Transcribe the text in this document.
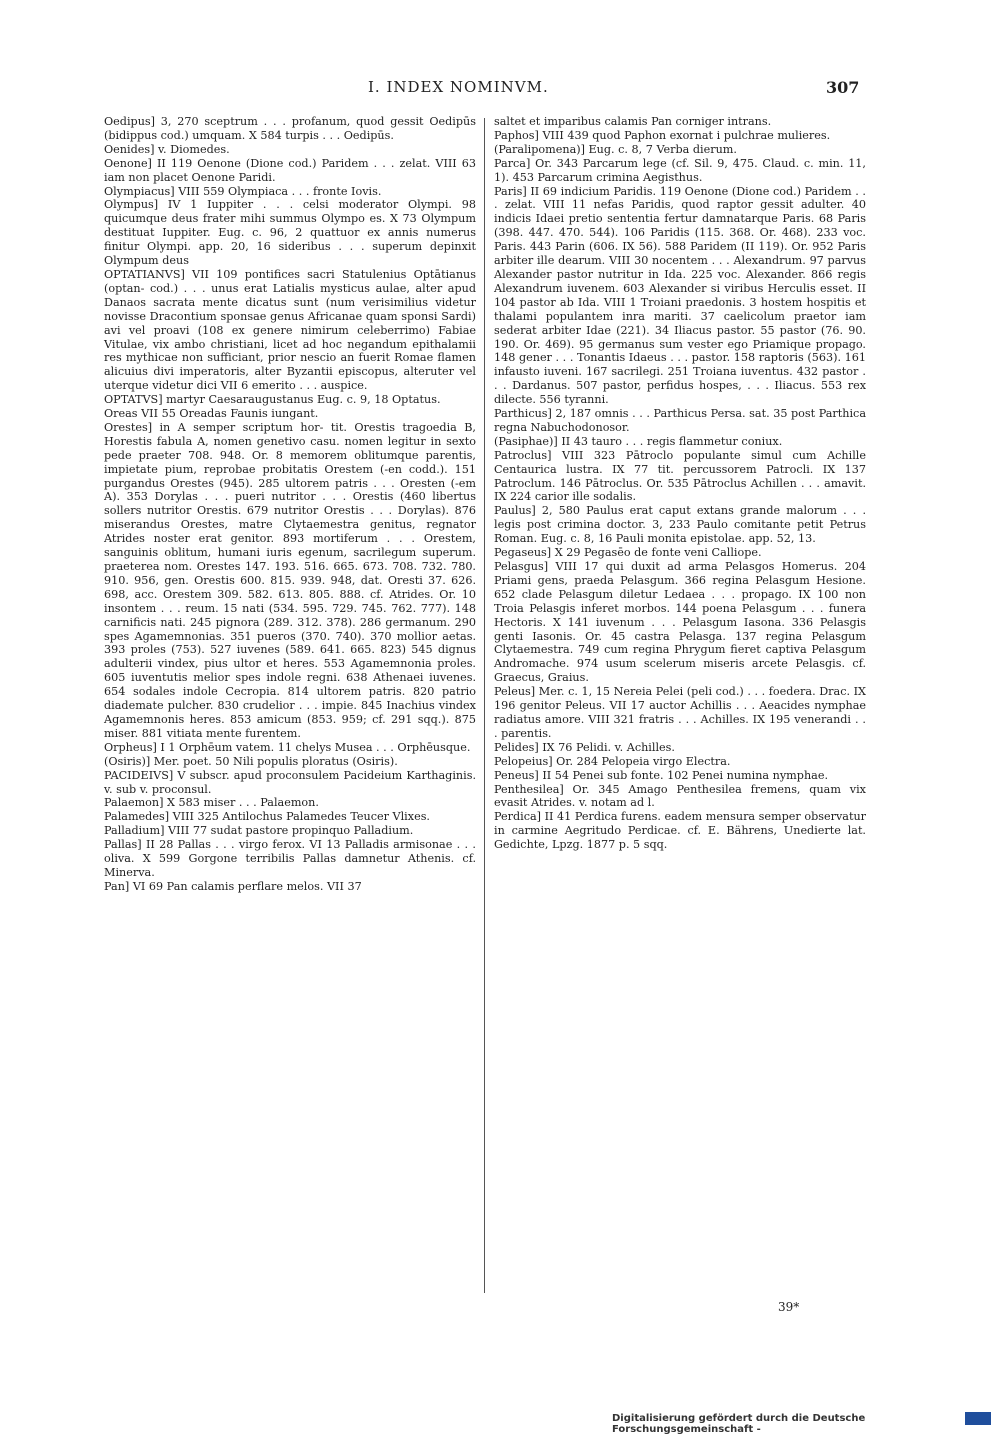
I. INDEX NOMINVM.	307

Oedipus] 3, 270 sceptrum . . . profanum, quod gessit Oedipūs (bidippus cod.) umquam. X 584 turpis . . . Oedipūs.

Oenides] v. Diomedes.

Oenone] II 119 Oenone (Dione cod.) Paridem . . . zelat. VIII 63 iam non placet Oenone Paridi.

Olympiacus] VIII 559 Olympiaca . . . fronte Iovis.

Olympus] IV 1 Iuppiter . . . celsi moderator Olympi. 98 quicumque deus frater mihi summus Olympo es. X 73 Olympum destituat Iuppiter. Eug. c. 96, 2 quattuor ex annis numerus finitur Olympi. app. 20, 16 sideribus . . . superum depinxit Olympum deus

OPTATIANVS] VII 109 pontifices sacri Statulenius Optātianus (optan- cod.) . . . unus erat Latialis mysticus aulae, alter apud Danaos sacrata mente dicatus sunt (num verisimilius videtur novisse Dracontium sponsae genus Africanae quam sponsi Sardi) avi vel proavi (108 ex genere nimirum celeberrimo) Fabiae Vitulae, vix ambo christiani, licet ad hoc negandum epithalamii res mythicae non sufficiant, prior nescio an fuerit Romae flamen alicuius divi imperatoris, alter Byzantii episcopus, alteruter vel uterque videtur dici VII 6 emerito . . . auspice.

OPTATVS] martyr Caesaraugustanus Eug. c. 9, 18 Optatus.

Oreas VII 55 Oreadas Faunis iungant.

Orestes] in A semper scriptum hor- tit. Orestis tragoedia B, Horestis fabula A, nomen genetivo casu. nomen legitur in sexto pede praeter 708. 948. Or. 8 memorem oblitumque parentis, impietate pium, reprobae probitatis Orestem (-en codd.). 151 purgandus Orestes (945). 285 ultorem patris . . . Oresten (-em A). 353 Dorylas . . . pueri nutritor . . . Orestis (460 libertus sollers nutritor Orestis. 679 nutritor Orestis . . . Dorylas). 876 miserandus Orestes, matre Clytaemestra genitus, regnator Atrides noster erat genitor. 893 mortiferum . . . Orestem, sanguinis oblitum, humani iuris egenum, sacrilegum superum. praeterea nom. Orestes 147. 193. 516. 665. 673. 708. 732. 780. 910. 956, gen. Orestis 600. 815. 939. 948, dat. Oresti 37. 626. 698, acc. Orestem 309. 582. 613. 805. 888. cf. Atrides. Or. 10 insontem . . . reum. 15 nati (534. 595. 729. 745. 762. 777). 148 carnificis nati. 245 pignora (289. 312. 378). 286 germanum. 290 spes Agamemnonias. 351 pueros (370. 740). 370 mollior aetas. 393 proles (753). 527 iuvenes (589. 641. 665. 823) 545 dignus adulterii vindex, pius ultor et heres. 553 Agamemnonia proles. 605 iuventutis melior spes indole regni. 638 Athenaei iuvenes. 654 sodales indole Cecropia. 814 ultorem patris. 820 patrio diademate pulcher. 830 crudelior . . . impie. 845 Inachius vindex Agamemnonis heres. 853 amicum (853. 959; cf. 291 sqq.). 875 miser. 881 vitiata mente furentem.

Orpheus] I 1 Orphēum vatem. 11 chelys Musea . . . Orphēusque.

(Osiris)] Mer. poet. 50 Nili populis ploratus (Osiris).

PACIDEIVS] V subscr. apud proconsulem Pacideium Karthaginis. v. sub v. proconsul.

Palaemon] X 583 miser . . . Palaemon.

Palamedes] VIII 325 Antilochus Palamedes Teucer Vlixes.

Palladium] VIII 77 sudat pastore propinquo Palladium.

Pallas] II 28 Pallas . . . virgo ferox. VI 13 Palladis armisonae . . . oliva. X 599 Gorgone terribilis Pallas damnetur Athenis. cf. Minerva.

Pan] VI 69 Pan calamis perflare melos. VII 37

saltet et imparibus calamis Pan corniger intrans.

Paphos] VIII 439 quod Paphon exornat i pulchrae mulieres.

(Paralipomena)] Eug. c. 8, 7 Verba dierum.

Parca] Or. 343 Parcarum lege (cf. Sil. 9, 475. Claud. c. min. 11, 1). 453 Parcarum crimina Aegisthus.

Paris] II 69 indicium Paridis. 119 Oenone (Dione cod.) Paridem . . . zelat. VIII 11 nefas Paridis, quod raptor gessit adulter. 40 indicis Idaei pretio sententia fertur damnatarque Paris. 68 Paris (398. 447. 470. 544). 106 Paridis (115. 368. Or. 468). 233 voc. Paris. 443 Parin (606. IX 56). 588 Paridem (II 119). Or. 952 Paris arbiter ille dearum. VIII 30 nocentem . . . Alexandrum. 97 parvus Alexander pastor nutritur in Ida. 225 voc. Alexander. 866 regis Alexandrum iuvenem. 603 Alexander si viribus Herculis esset. II 104 pastor ab Ida. VIII 1 Troiani praedonis. 3 hostem hospitis et thalami populantem inra mariti. 37 caelicolum praetor iam sederat arbiter Idae (221). 34 Iliacus pastor. 55 pastor (76. 90. 190. Or. 469). 95 germanus sum vester ego Priamique propago. 148 gener . . . Tonantis Idaeus . . . pastor. 158 raptoris (563). 161 infausto iuveni. 167 sacrilegi. 251 Troiana iuventus. 432 pastor . . . Dardanus. 507 pastor, perfidus hospes, . . . Iliacus. 553 rex dilecte. 556 tyranni.

Parthicus] 2, 187 omnis . . . Parthicus Persa. sat. 35 post Parthica regna Nabuchodonosor.

(Pasiphae)] II 43 tauro . . . regis flammetur coniux.

Patroclus] VIII 323 Pātroclo populante simul cum Achille Centaurica lustra. IX 77 tit. percussorem Patrocli. IX 137 Patroclum. 146 Pātroclus. Or. 535 Pātroclus Achillen . . . amavit. IX 224 carior ille sodalis.

Paulus] 2, 580 Paulus erat caput extans grande malorum . . . legis post crimina doctor. 3, 233 Paulo comitante petit Petrus Roman. Eug. c. 8, 16 Pauli monita epistolae. app. 52, 13.

Pegaseus] X 29 Pegasēo de fonte veni Calliope.

Pelasgus] VIII 17 qui duxit ad arma Pelasgos Homerus. 204 Priami gens, praeda Pelasgum. 366 regina Pelasgum Hesione. 652 clade Pelasgum diletur Ledaea . . . propago. IX 100 non Troia Pelasgis inferet morbos. 144 poena Pelasgum . . . funera Hectoris. X 141 iuvenum . . . Pelasgum Iasona. 336 Pelasgis genti Iasonis. Or. 45 castra Pelasga. 137 regina Pelasgum Clytaemestra. 749 cum regina Phrygum fieret captiva Pelasgum Andromache. 974 usum scelerum miseris arcete Pelasgis. cf. Graecus, Graius.

Peleus] Mer. c. 1, 15 Nereia Pelei (peli cod.) . . . foedera. Drac. IX 196 genitor Peleus. VII 17 auctor Achillis . . . Aeacides nymphae radiatus amore. VIII 321 fratris . . . Achilles. IX 195 venerandi . . . parentis.

Pelides] IX 76 Pelidi. v. Achilles.

Pelopeius] Or. 284 Pelopeia virgo Electra.

Peneus] II 54 Penei sub fonte. 102 Penei numina nymphae.

Penthesilea] Or. 345 Amago Penthesilea fremens, quam vix evasit Atrides. v. notam ad l.

Perdica] II 41 Perdica furens. eadem mensura semper observatur in carmine Aegritudo Perdicae. cf. E. Bährens, Unedierte lat. Gedichte, Lpzg. 1877 p. 5 sqq.

39*
Digitalisierung gefördert durch die Deutsche Forschungsgemeinschaft -
